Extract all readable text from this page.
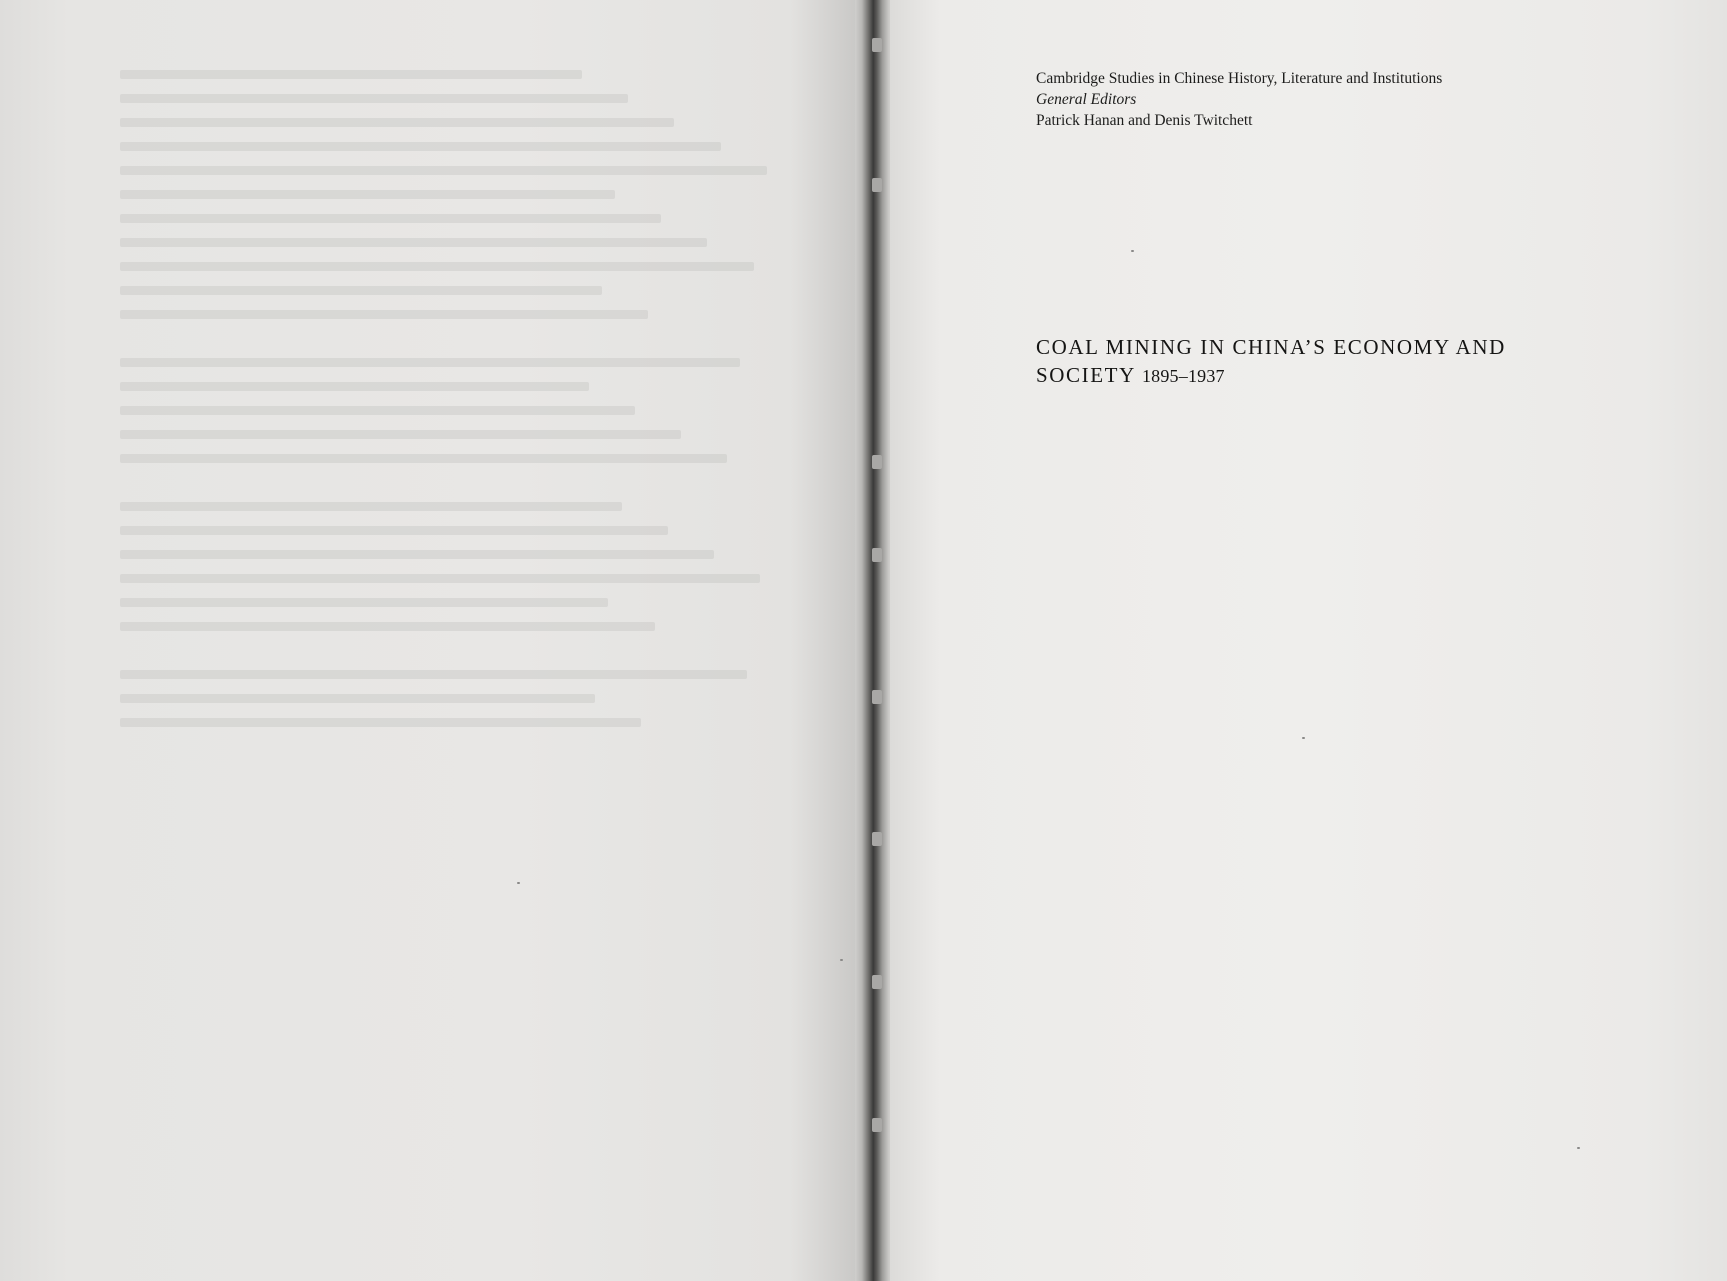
Cambridge Studies in Chinese History, Literature and Institutions
General Editors
Patrick Hanan and Denis Twitchett
COAL MINING IN CHINA’S ECONOMY AND
SOCIETY 1895–1937
